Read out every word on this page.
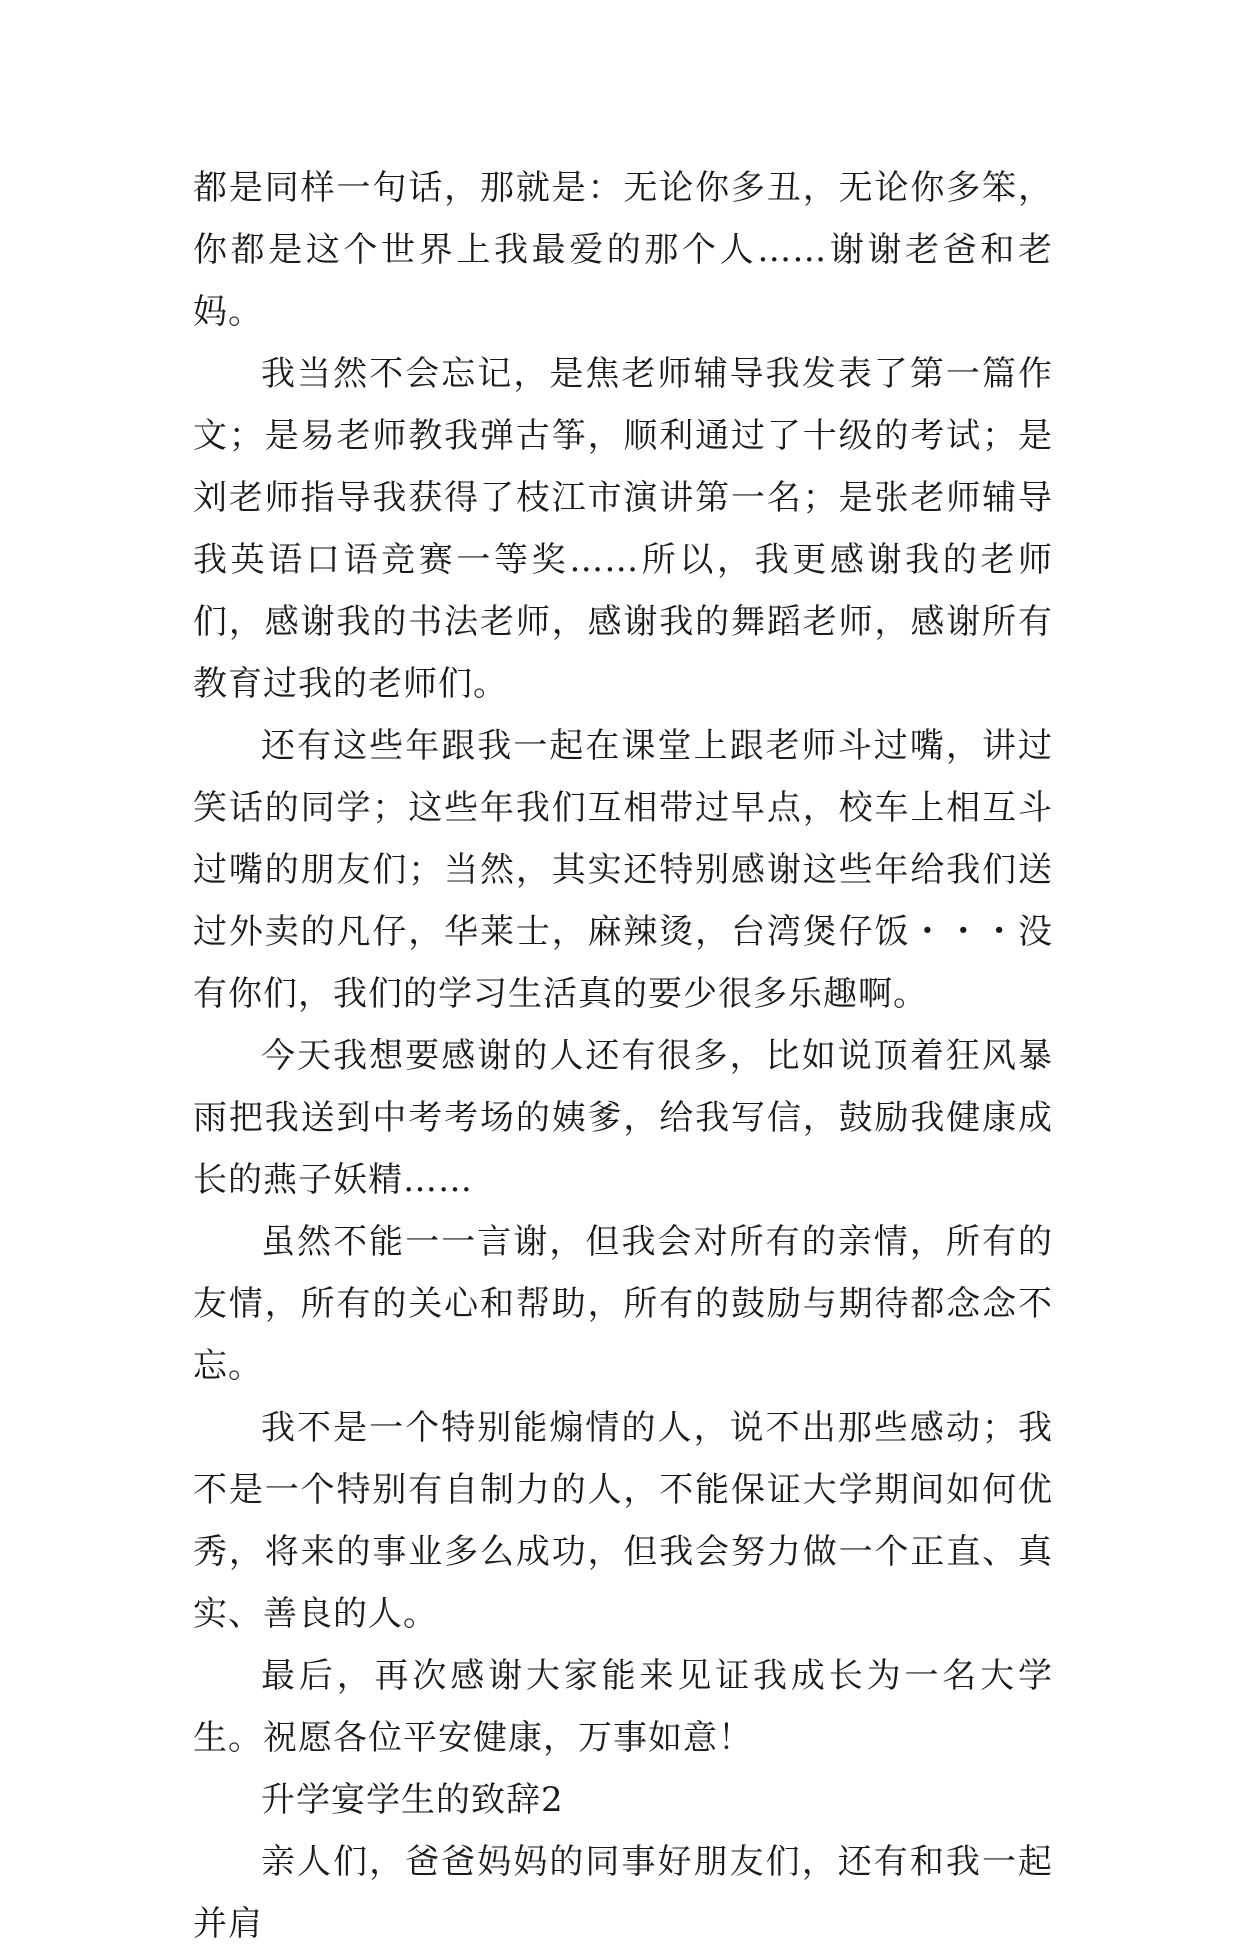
都是同样一句话，那就是：无论你多丑，无论你多笨，你都是这个世界上我最爱的那个人……谢谢老爸和老妈。

我当然不会忘记，是焦老师辅导我发表了第一篇作文；是易老师教我弹古筝，顺利通过了十级的考试；是刘老师指导我获得了枝江市演讲第一名；是张老师辅导我英语口语竞赛一等奖……所以，我更感谢我的老师们，感谢我的书法老师，感谢我的舞蹈老师，感谢所有教育过我的老师们。

还有这些年跟我一起在课堂上跟老师斗过嘴，讲过笑话的同学；这些年我们互相带过早点，校车上相互斗过嘴的朋友们；当然，其实还特别感谢这些年给我们送过外卖的凡仔，华莱士，麻辣烫，台湾煲仔饭・・・没有你们，我们的学习生活真的要少很多乐趣啊。

今天我想要感谢的人还有很多，比如说顶着狂风暴雨把我送到中考考场的姨爹，给我写信，鼓励我健康成长的燕子妖精……

虽然不能一一言谢，但我会对所有的亲情，所有的友情，所有的关心和帮助，所有的鼓励与期待都念念不忘。

我不是一个特别能煽情的人，说不出那些感动；我不是一个特别有自制力的人，不能保证大学期间如何优秀，将来的事业多么成功，但我会努力做一个正直、真实、善良的人。

最后，再次感谢大家能来见证我成长为一名大学生。祝愿各位平安健康，万事如意！

升学宴学生的致辞2

亲人们，爸爸妈妈的同事好朋友们，还有和我一起并肩
